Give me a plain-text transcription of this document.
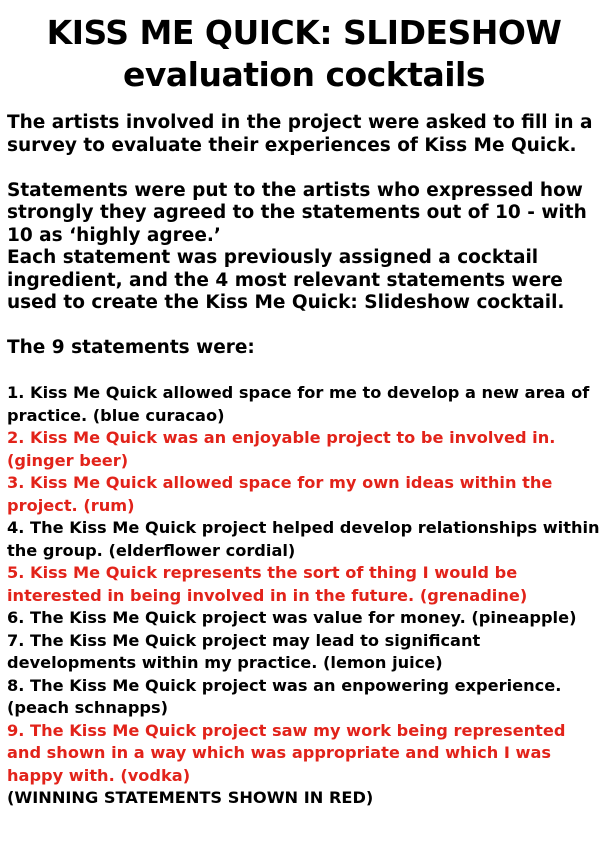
KISS ME QUICK: SLIDESHOW
evaluation cocktails

The artists involved in the project were asked to fill in a survey to evaluate their experiences of Kiss Me Quick.

Statements were put to the artists who expressed how strongly they agreed to the statements out of 10 - with 10 as ‘highly agree.’

Each statement was previously assigned a cocktail ingredient, and the 4 most relevant statements were used to create the Kiss Me Quick: Slideshow cocktail.

The 9 statements were:

1. Kiss Me Quick allowed space for me to develop a new area of practice. (blue curacao)

2. Kiss Me Quick was an enjoyable project to be involved in. (ginger beer)

3. Kiss Me Quick allowed space for my own ideas within the project. (rum)

4. The Kiss Me Quick project helped develop relationships within the group. (elderflower cordial)

5. Kiss Me Quick represents the sort of thing I would be interested in being involved in in the future. (grenadine)

6. The Kiss Me Quick project was value for money. (pineapple)

7. The Kiss Me Quick project may lead to significant developments within my practice. (lemon juice)

8. The Kiss Me Quick project was an enpowering experience. (peach schnapps)

9. The Kiss Me Quick project saw my work being represented and shown in a way which was appropriate and which I was happy with. (vodka)

(WINNING STATEMENTS SHOWN IN RED)
